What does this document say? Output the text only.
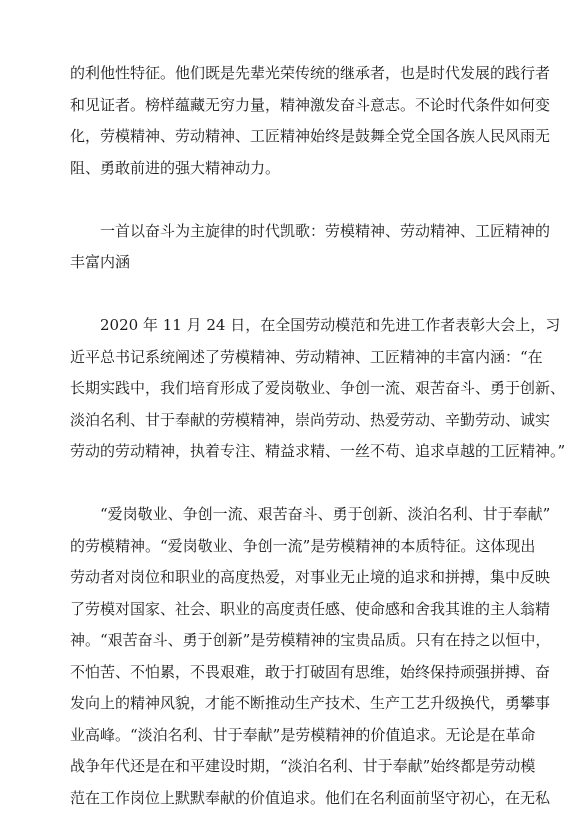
的利他性特征。他们既是先辈光荣传统的继承者，也是时代发展的践行者
和见证者。榜样蕴藏无穷力量，精神激发奋斗意志。不论时代条件如何变
化，劳模精神、劳动精神、工匠精神始终是鼓舞全党全国各族人民风雨无
阻、勇敢前进的强大精神动力。
一首以奋斗为主旋律的时代凯歌：劳模精神、劳动精神、工匠精神的
丰富内涵
2020 年 11 月 24 日，在全国劳动模范和先进工作者表彰大会上，习
近平总书记系统阐述了劳模精神、劳动精神、工匠精神的丰富内涵：“在
长期实践中，我们培育形成了爱岗敬业、争创一流、艰苦奋斗、勇于创新、
淡泊名利、甘于奉献的劳模精神，崇尚劳动、热爱劳动、辛勤劳动、诚实
劳动的劳动精神，执着专注、精益求精、一丝不苟、追求卓越的工匠精神。”
“爱岗敬业、争创一流、艰苦奋斗、勇于创新、淡泊名利、甘于奉献”
的劳模精神。“爱岗敬业、争创一流”是劳模精神的本质特征。这体现出
劳动者对岗位和职业的高度热爱，对事业无止境的追求和拼搏，集中反映
了劳模对国家、社会、职业的高度责任感、使命感和舍我其谁的主人翁精
神。“艰苦奋斗、勇于创新”是劳模精神的宝贵品质。只有在持之以恒中，
不怕苦、不怕累，不畏艰难，敢于打破固有思维，始终保持顽强拼搏、奋
发向上的精神风貌，才能不断推动生产技术、生产工艺升级换代，勇攀事
业高峰。“淡泊名利、甘于奉献”是劳模精神的价值追求。无论是在革命
战争年代还是在和平建设时期，“淡泊名利、甘于奉献”始终都是劳动模
范在工作岗位上默默奉献的价值追求。他们在名利面前坚守初心，在无私
